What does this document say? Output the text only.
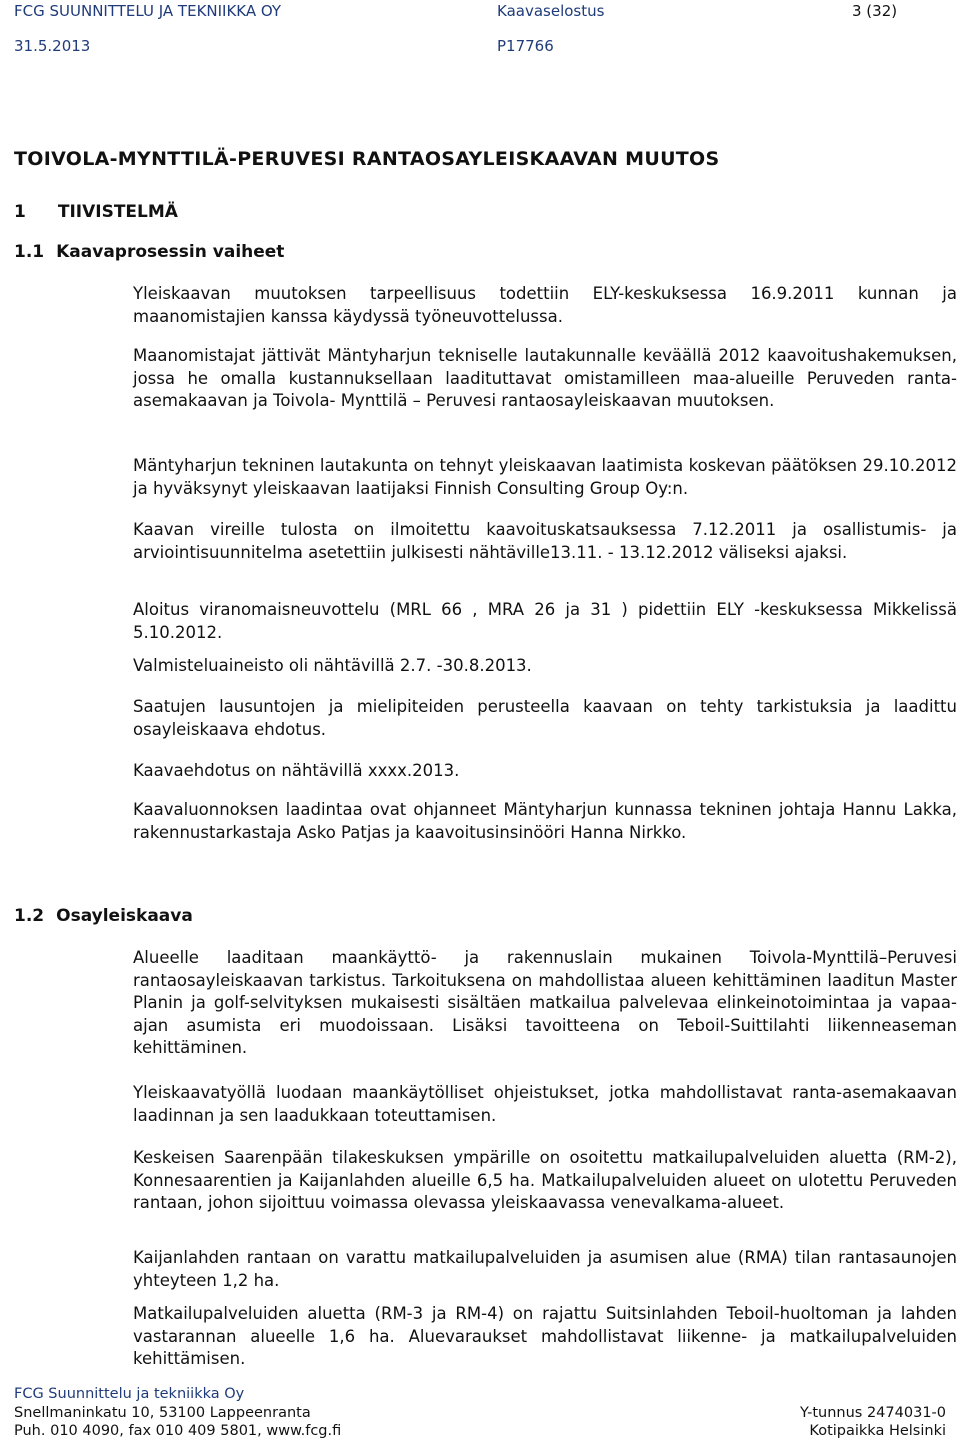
FCG SUUNNITTELU JA TEKNIIKKA OY	Kaavaselostus	3 (32)
31.5.2013	P17766
TOIVOLA-MYNTTILÄ-PERUVESI RANTAOSAYLEISKAAVAN MUUTOS
1 TIIVISTELMÄ
1.1 Kaavaprosessin vaiheet
Yleiskaavan muutoksen tarpeellisuus todettiin ELY-keskuksessa 16.9.2011 kunnan ja maanomistajien kanssa käydyssä työneuvottelussa.
Maanomistajat jättivät Mäntyharjun tekniselle lautakunnalle keväällä 2012 kaavoitushakemuksen, jossa he omalla kustannuksellaan laadituttavat omistamilleen maa-alueille Peruveden ranta-asemakaavan ja Toivola- Mynttilä – Peruvesi rantaosayleiskaavan muutoksen.
Mäntyharjun tekninen lautakunta on tehnyt yleiskaavan laatimista koskevan päätöksen 29.10.2012 ja hyväksynyt yleiskaavan laatijaksi Finnish Consulting Group Oy:n.
Kaavan vireille tulosta on ilmoitettu kaavoituskatsauksessa 7.12.2011 ja osallistumis- ja arviointisuunnitelma asetettiin julkisesti nähtäville13.11. - 13.12.2012 väliseksi ajaksi.
Aloitus viranomaisneuvottelu (MRL 66 , MRA 26 ja 31 ) pidettiin ELY -keskuksessa Mikkelissä 5.10.2012.
Valmisteluaineisto oli nähtävillä 2.7. -30.8.2013.
Saatujen lausuntojen ja mielipiteiden perusteella kaavaan on tehty tarkistuksia ja laadittu osayleiskaava ehdotus.
Kaavaehdotus on nähtävillä xxxx.2013.
Kaavaluonnoksen laadintaa ovat ohjanneet Mäntyharjun kunnassa tekninen johtaja Hannu Lakka, rakennustarkastaja Asko Patjas ja kaavoitusinsinööri Hanna Nirkko.
1.2 Osayleiskaava
Alueelle laaditaan maankäyttö- ja rakennuslain mukainen Toivola-Mynttilä–Peruvesi rantaosayleiskaavan tarkistus. Tarkoituksena on mahdollistaa alueen kehittäminen laaditun Master Planin ja golf-selvityksen mukaisesti sisältäen matkailua palvelevaa elinkeinotoimintaa ja vapaa-ajan asumista eri muodoissaan. Lisäksi tavoitteena on Teboil-Suittilahti liikenneaseman kehittäminen.
Yleiskaavatyöllä luodaan maankäytölliset ohjeistukset, jotka mahdollistavat ranta-asemakaavan laadinnan ja sen laadukkaan toteuttamisen.
Keskeisen Saarenpään tilakeskuksen ympärille on osoitettu matkailupalveluiden aluetta (RM-2), Konnesaarentien ja Kaijanlahden alueille 6,5 ha. Matkailupalveluiden alueet on ulotettu Peruveden rantaan, johon sijoittuu voimassa olevassa yleiskaavassa venevalkama-alueet.
Kaijanlahden rantaan on varattu matkailupalveluiden ja asumisen alue (RMA) tilan rantasaunojen yhteyteen 1,2 ha.
Matkailupalveluiden aluetta (RM-3 ja RM-4) on rajattu Suitsinlahden Teboil-huoltoman ja lahden vastarannan alueelle 1,6 ha. Aluevaraukset mahdollistavat liikenne- ja matkailupalveluiden kehittämisen.
FCG Suunnittelu ja tekniikka Oy
Snellmaninkatu 10, 53100 Lappeenranta
Puh. 010 4090, fax 010 409 5801, www.fcg.fi
Y-tunnus 2474031-0
Kotipaikka Helsinki
